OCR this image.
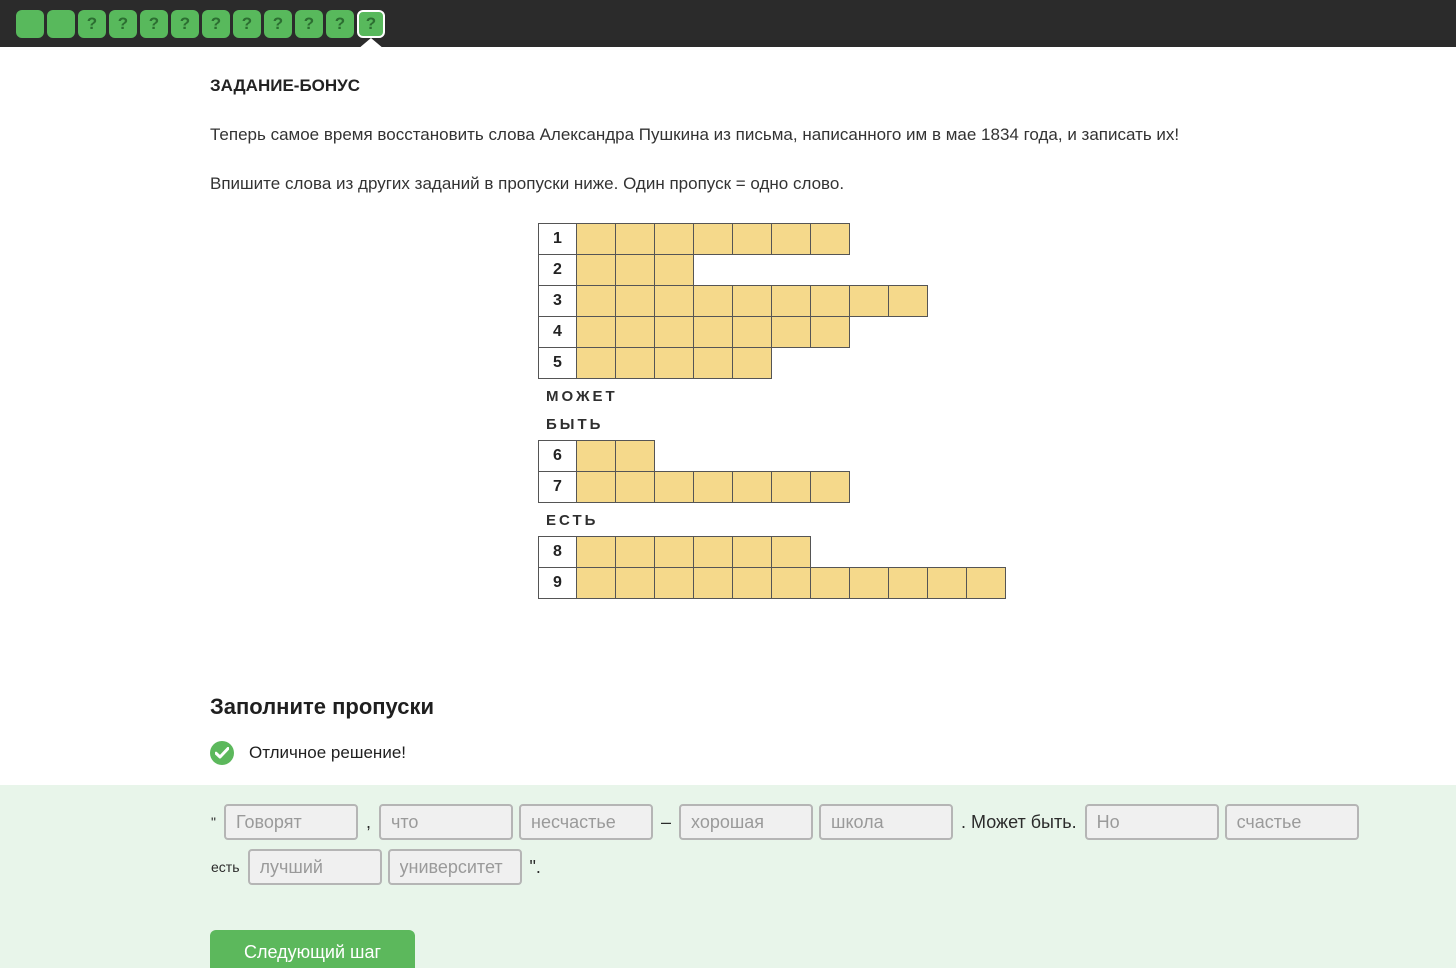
?	?	?	?	?	?	?	?	?	?
ЗАДАНИЕ-БОНУС
Теперь самое время восстановить слова Александра Пушкина из письма, написанного им в мае 1834 года, и записать их!
Впишите слова из других заданий в пропуски ниже. Один пропуск = одно слово.
1
2
3
4
5
МОЖЕТ
БЫТЬ
6
7
ЕСТЬ
8
9
Заполните пропуски
Отличное решение!
"
Говорят	,
что
несчастье	–
хорошая
школа	. Может быть.
Но
счастье
есть
лучший
университет	".
Следующий шаг
